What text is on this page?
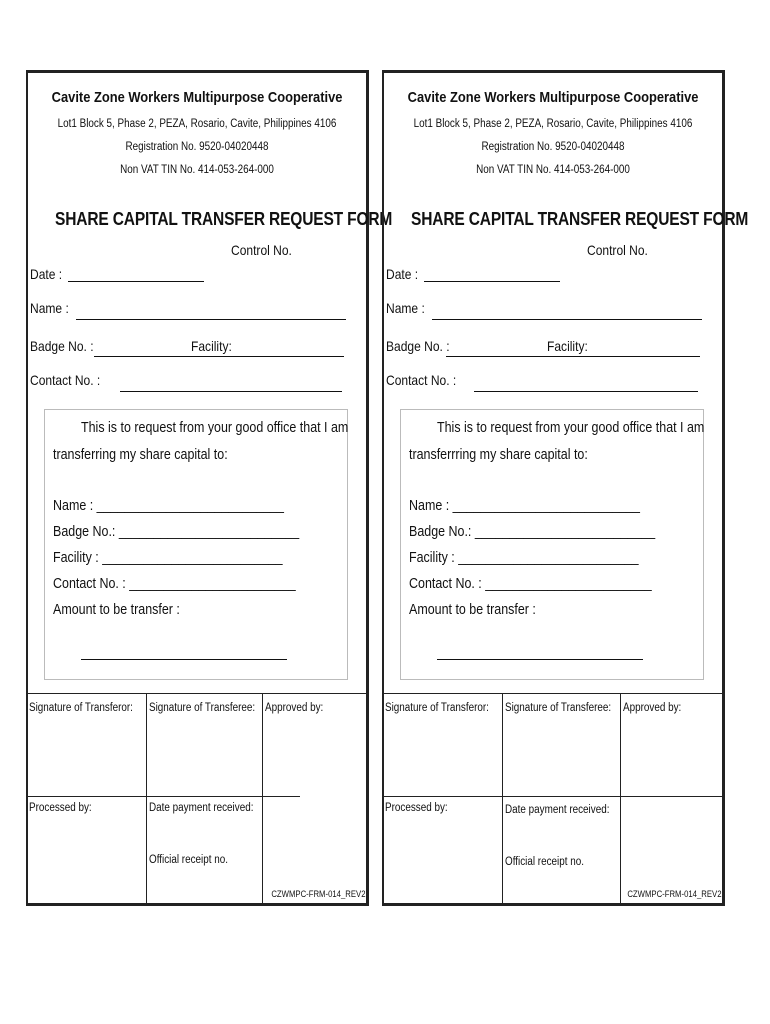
Cavite Zone Workers Multipurpose Cooperative
Lot1 Block 5, Phase 2, PEZA, Rosario, Cavite, Philippines 4106
Registration No. 9520-04020448
Non VAT TIN No. 414-053-264-000
SHARE CAPITAL TRANSFER REQUEST FORM
Control No.
Date :
Name :
Badge No. :	Facility:
Contact No. :
This is to request from your good office that I am
transferring my share capital to:
Name : ___________________________
Badge No.: __________________________
Facility : __________________________
Contact No. : ________________________
Amount to be transfer :
Signature of Transferor: Signature of Transferee: Approved by:
Processed by:	Date payment received:
Official receipt no.
CZWMPC-FRM-014_REV2
Cavite Zone Workers Multipurpose Cooperative
Lot1 Block 5, Phase 2, PEZA, Rosario, Cavite, Philippines 4106
Registration No. 9520-04020448
Non VAT TIN No. 414-053-264-000
SHARE CAPITAL TRANSFER REQUEST FORM
Control No.
Date :
Name :
Badge No. :	Facility:
Contact No. :
This is to request from your good office that I am
transferrring my share capital to:
Name : ___________________________
Badge No.: __________________________
Facility : __________________________
Contact No. : ________________________
Amount to be transfer :
Signature of Transferor: Signature of Transferee: Approved by:
Processed by:	Date payment received:
Official receipt no.
CZWMPC-FRM-014_REV2
